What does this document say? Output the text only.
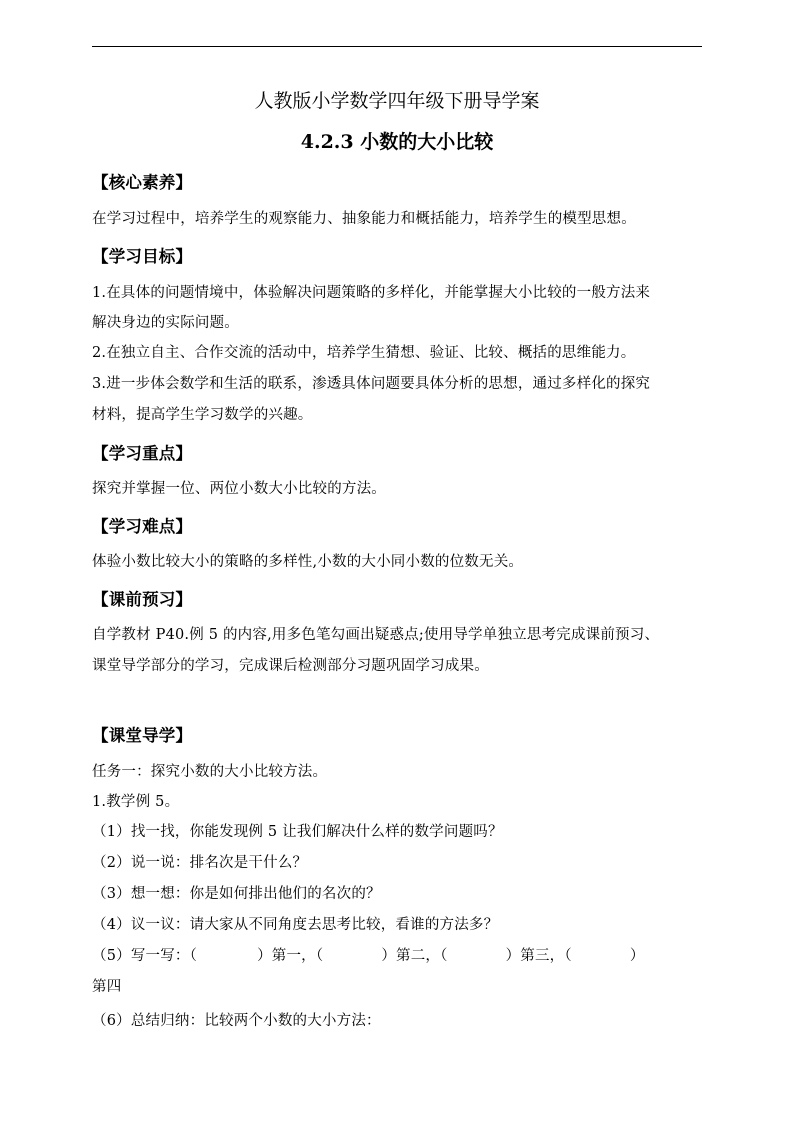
人教版小学数学四年级下册导学案
4.2.3 小数的大小比较
【核心素养】
在学习过程中，培养学生的观察能力、抽象能力和概括能力，培养学生的模型思想。
【学习目标】
1.在具体的问题情境中，体验解决问题策略的多样化，并能掌握大小比较的一般方法来
解决身边的实际问题。
2.在独立自主、合作交流的活动中，培养学生猜想、验证、比较、概括的思维能力。
3.进一步体会数学和生活的联系，渗透具体问题要具体分析的思想，通过多样化的探究
材料，提高学生学习数学的兴趣。
【学习重点】
探究并掌握一位、两位小数大小比较的方法。
【学习难点】
体验小数比较大小的策略的多样性,小数的大小同小数的位数无关。
【课前预习】
自学教材 P40.例 5 的内容,用多色笔勾画出疑惑点;使用导学单独立思考完成课前预习、
课堂导学部分的学习，完成课后检测部分习题巩固学习成果。
【课堂导学】
任务一：探究小数的大小比较方法。
1.教学例 5。
（1）找一找，你能发现例 5 让我们解决什么样的数学问题吗？
（2）说一说：排名次是干什么？
（3）想一想：你是如何排出他们的名次的？
（4）议一议：请大家从不同角度去思考比较，看谁的方法多？
（5）写一写：（	）第一，（	）第二，（	）第三，（	）
第四
（6）总结归纳：比较两个小数的大小方法：
